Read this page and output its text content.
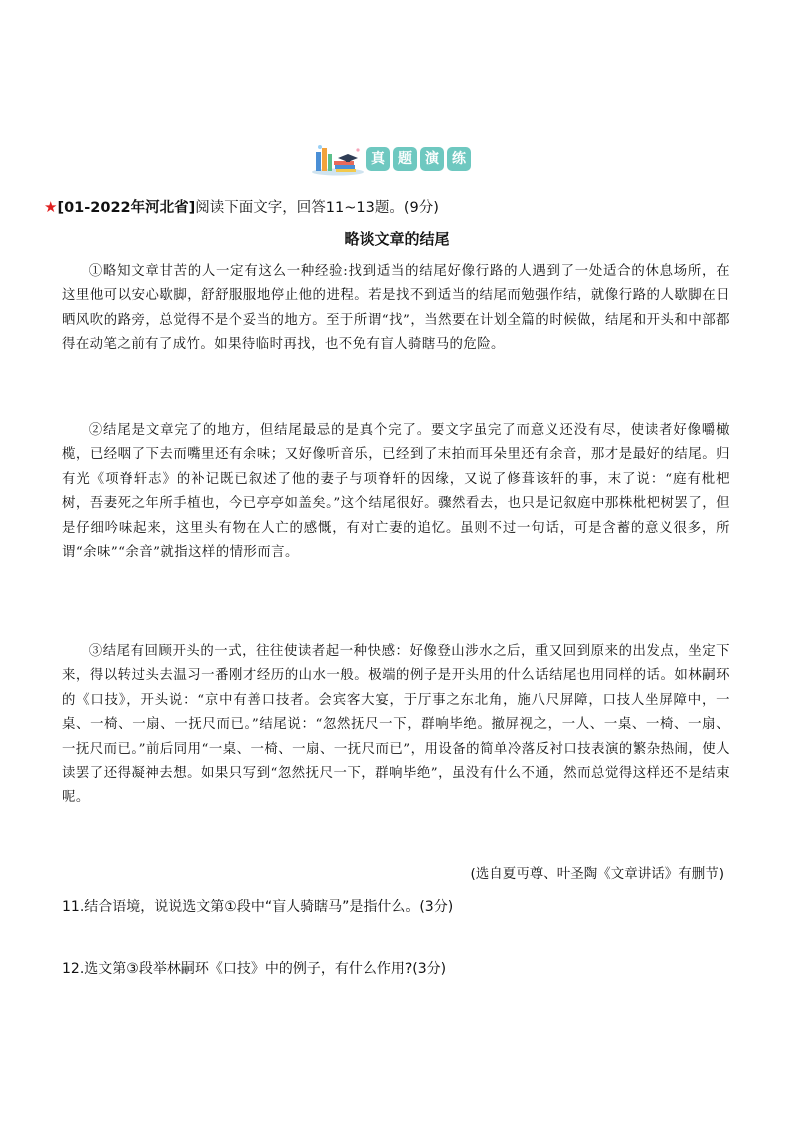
真 题 演 练
★[01-2022年河北省]阅读下面文字，回答11~13题。(9分)
略谈文章的结尾

①略知文章甘苦的人一定有这么一种经验:找到适当的结尾好像行路的人遇到了一处适合的休息场所，在这里他可以安心歇脚，舒舒服服地停止他的进程。若是找不到适当的结尾而勉强作结，就像行路的人歇脚在日晒风吹的路旁，总觉得不是个妥当的地方。至于所谓“找”，当然要在计划全篇的时候做，结尾和开头和中部都得在动笔之前有了成竹。如果待临时再找，也不免有盲人骑瞎马的危险。

②结尾是文章完了的地方，但结尾最忌的是真个完了。要文字虽完了而意义还没有尽，使读者好像嚼橄榄，已经咽了下去而嘴里还有余味；又好像听音乐，已经到了末拍而耳朵里还有余音，那才是最好的结尾。归有光《项脊轩志》的补记既已叙述了他的妻子与项脊轩的因缘，又说了修葺该轩的事，末了说：“庭有枇杷树，吾妻死之年所手植也，今已亭亭如盖矣。”这个结尾很好。骤然看去，也只是记叙庭中那株枇杷树罢了，但是仔细吟味起来，这里头有物在人亡的感慨，有对亡妻的追忆。虽则不过一句话，可是含蓄的意义很多，所谓“余味”“余音”就指这样的情形而言。

③结尾有回顾开头的一式，往往使读者起一种快感：好像登山涉水之后，重又回到原来的出发点，坐定下来，得以转过头去温习一番刚才经历的山水一般。极端的例子是开头用的什么话结尾也用同样的话。如林嗣环的《口技》，开头说：“京中有善口技者。会宾客大宴，于厅事之东北角，施八尺屏障，口技人坐屏障中，一桌、一椅、一扇、一抚尺而已。”结尾说：“忽然抚尺一下，群响毕绝。撤屏视之，一人、一桌、一椅、一扇、一抚尺而已。”前后同用“一桌、一椅、一扇、一抚尺而已”，用设备的简单冷落反衬口技表演的繁杂热闹，使人读罢了还得凝神去想。如果只写到“忽然抚尺一下，群响毕绝”，虽没有什么不通，然而总觉得这样还不是结束呢。

(选自夏丏尊、叶圣陶《文章讲话》有删节)
11.结合语境，说说选文第①段中“盲人骑瞎马”是指什么。(3分)
12.选文第③段举林嗣环《口技》中的例子，有什么作用?(3分)
